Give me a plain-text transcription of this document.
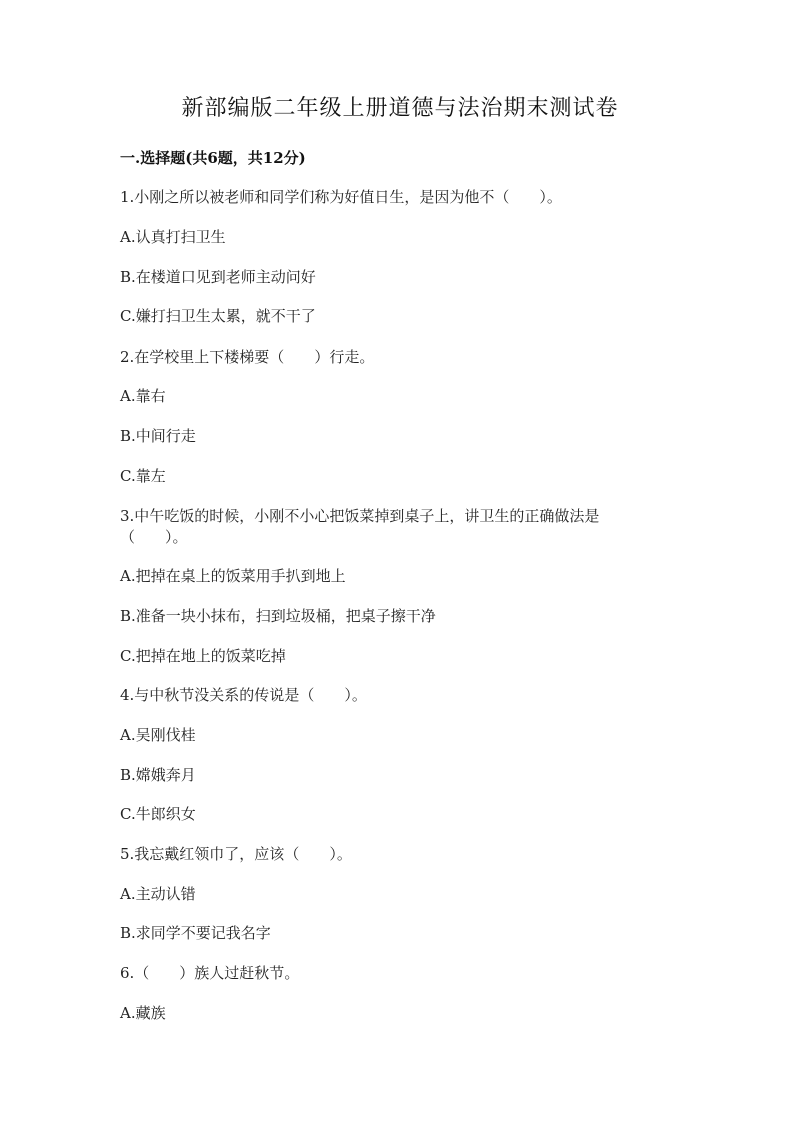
新部编版二年级上册道德与法治期末测试卷
一.选择题(共6题，共12分)
1.小刚之所以被老师和同学们称为好值日生，是因为他不（　　）。
A.认真打扫卫生
B.在楼道口见到老师主动问好
C.嫌打扫卫生太累，就不干了
2.在学校里上下楼梯要（　　）行走。
A.靠右
B.中间行走
C.靠左
3.中午吃饭的时候，小刚不小心把饭菜掉到桌子上，讲卫生的正确做法是
（　　）。
A.把掉在桌上的饭菜用手扒到地上
B.准备一块小抹布，扫到垃圾桶，把桌子擦干净
C.把掉在地上的饭菜吃掉
4.与中秋节没关系的传说是（　　）。
A.吴刚伐桂
B.嫦娥奔月
C.牛郎织女
5.我忘戴红领巾了，应该（　　）。
A.主动认错
B.求同学不要记我名字
6.（　　）族人过赶秋节。
A.藏族
